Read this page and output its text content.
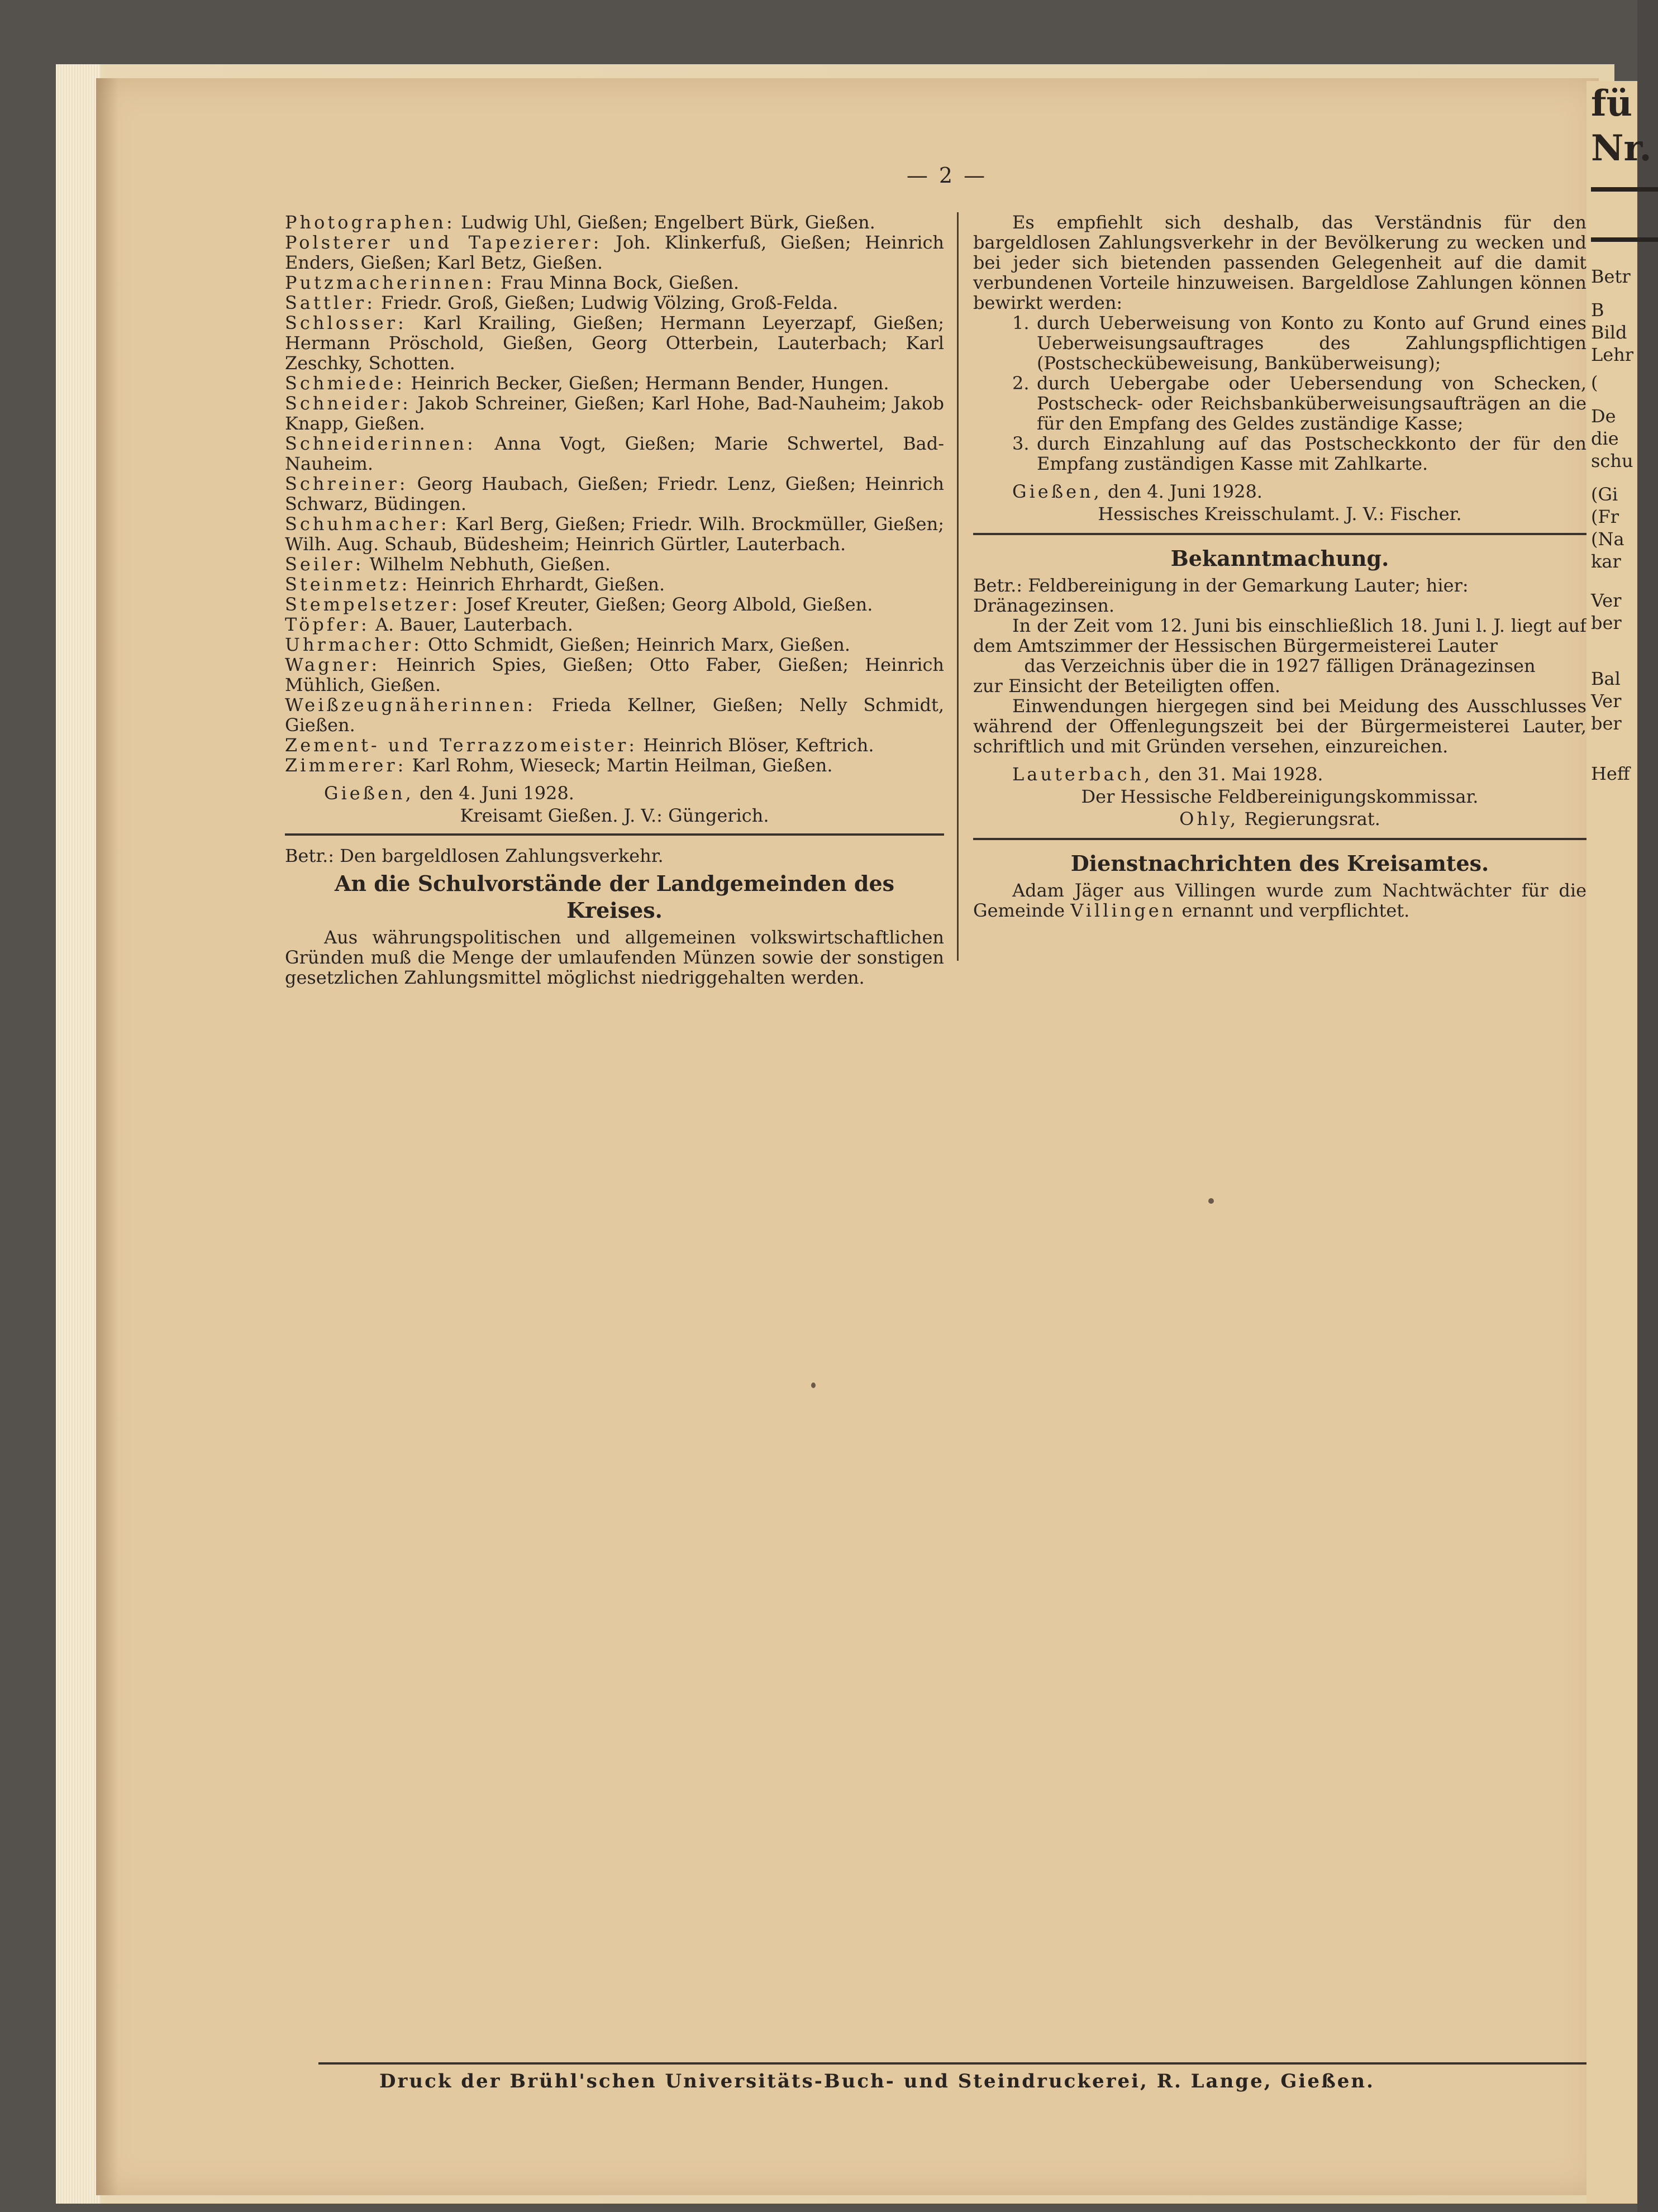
— 2 —

Photographen: Ludwig Uhl, Gießen; Engelbert Bürk, Gießen.

Polsterer und Tapezierer: Joh. Klinkerfuß, Gießen; Heinrich Enders, Gießen; Karl Betz, Gießen.

Putzmacherinnen: Frau Minna Bock, Gießen.

Sattler: Friedr. Groß, Gießen; Ludwig Völzing, Groß-Felda.

Schlosser: Karl Krailing, Gießen; Hermann Leyerzapf, Gießen; Hermann Pröschold, Gießen, Georg Otterbein, Lauterbach; Karl Zeschky, Schotten.

Schmiede: Heinrich Becker, Gießen; Hermann Bender, Hungen.

Schneider: Jakob Schreiner, Gießen; Karl Hohe, Bad-Nauheim; Jakob Knapp, Gießen.

Schneiderinnen: Anna Vogt, Gießen; Marie Schwertel, Bad-Nauheim.

Schreiner: Georg Haubach, Gießen; Friedr. Lenz, Gießen; Heinrich Schwarz, Büdingen.

Schuhmacher: Karl Berg, Gießen; Friedr. Wilh. Brockmüller, Gießen; Wilh. Aug. Schaub, Büdesheim; Heinrich Gürtler, Lauterbach.

Seiler: Wilhelm Nebhuth, Gießen.

Steinmetz: Heinrich Ehrhardt, Gießen.

Stempelsetzer: Josef Kreuter, Gießen; Georg Albold, Gießen.

Töpfer: A. Bauer, Lauterbach.

Uhrmacher: Otto Schmidt, Gießen; Heinrich Marx, Gießen.

Wagner: Heinrich Spies, Gießen; Otto Faber, Gießen; Heinrich Mühlich, Gießen.

Weißzeugnäherinnen: Frieda Kellner, Gießen; Nelly Schmidt, Gießen.

Zement- und Terrazzomeister: Heinrich Blöser, Keftrich.

Zimmerer: Karl Rohm, Wieseck; Martin Heilman, Gießen.

Gießen, den 4. Juni 1928.

Kreisamt Gießen. J. V.: Güngerich.

Betr.: Den bargeldlosen Zahlungsverkehr.

An die Schulvorstände der Landgemeinden des Kreises.

Aus währungspolitischen und allgemeinen volkswirtschaftlichen Gründen muß die Menge der umlaufenden Münzen sowie der sonstigen gesetzlichen Zahlungsmittel möglichst niedriggehalten werden.

Es empfiehlt sich deshalb, das Verständnis für den bargeldlosen Zahlungsverkehr in der Bevölkerung zu wecken und bei jeder sich bietenden passenden Gelegenheit auf die damit verbundenen Vorteile hinzuweisen. Bargeldlose Zahlungen können bewirkt werden:

1. durch Ueberweisung von Konto zu Konto auf Grund eines Ueberweisungsauftrages des Zahlungspflichtigen (Postscheckübeweisung, Banküberweisung);
2. durch Uebergabe oder Uebersendung von Schecken, Postscheck- oder Reichsbanküberweisungsaufträgen an die für den Empfang des Geldes zuständige Kasse;
3. durch Einzahlung auf das Postscheckkonto der für den Empfang zuständigen Kasse mit Zahlkarte.

Gießen, den 4. Juni 1928.

Hessisches Kreisschulamt. J. V.: Fischer.

Bekanntmachung.

Betr.: Feldbereinigung in der Gemarkung Lauter; hier: Dränagezinsen.

In der Zeit vom 12. Juni bis einschließlich 18. Juni l. J. liegt auf dem Amtszimmer der Hessischen Bürgermeisterei Lauter

das Verzeichnis über die in 1927 fälligen Dränagezinsen

zur Einsicht der Beteiligten offen.

Einwendungen hiergegen sind bei Meidung des Ausschlusses während der Offenlegungszeit bei der Bürgermeisterei Lauter, schriftlich und mit Gründen versehen, einzureichen.

Lauterbach, den 31. Mai 1928.

Der Hessische Feldbereinigungskommissar.

Ohly, Regierungsrat.

Dienstnachrichten des Kreisamtes.

Adam Jäger aus Villingen wurde zum Nachtwächter für die Gemeinde Villingen ernannt und verpflichtet.

fü
Nr.
Betr
B
Bild
Lehr
(
De
die
schu
(Gi
(Fr
(Na
kar
Ver
ber
Bal
Ver
ber
Heff
Druck der Brühl'schen Universitäts-Buch- und Steindruckerei, R. Lange, Gießen.
